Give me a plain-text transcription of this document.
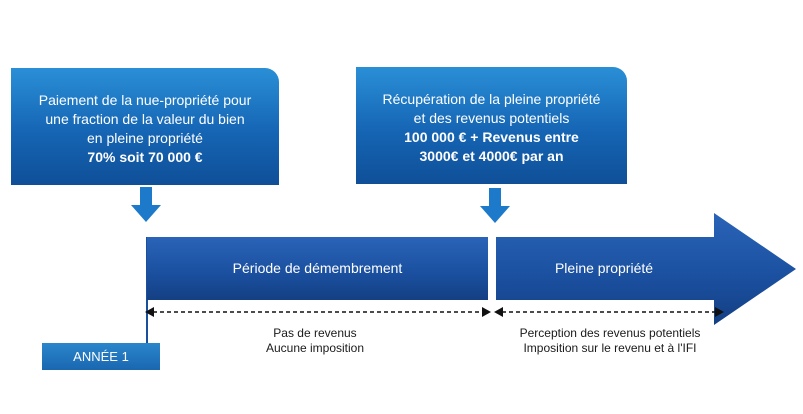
Paiement de la nue-propriété pour
une fraction de la valeur du bien
en pleine propriété
70% soit 70 000 €
Récupération de la pleine propriété
et des revenus potentiels
100 000 € + Revenus entre
3000€ et 4000€ par an
Période de démembrement	Pleine propriété
Pas de revenus
Aucune imposition
Perception des revenus potentiels
Imposition sur le revenu et à l'IFI
ANNÉE 1
